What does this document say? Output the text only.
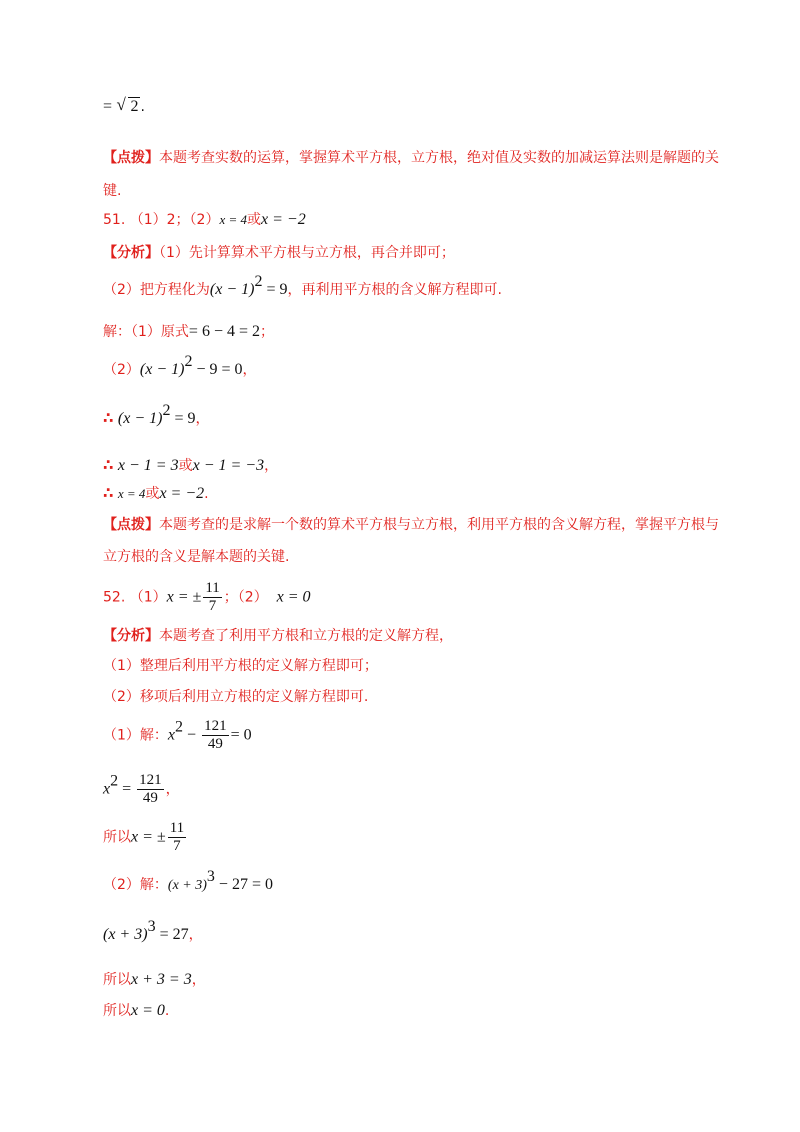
= √ 2 .
【点拨】本题考查实数的运算，掌握算术平方根，立方根，绝对值及实数的加减运算法则是解题的关
键.
51. （1）2；（2）x = 4或x = −2
【分析】（1）先计算算术平方根与立方根，再合并即可；
（2）把方程化为$(x - 1)^2 = 9$，再利用平方根的含义解方程即可.
解：（1）原式= 6 − 4 = 2；
$(2)(x - 1)^2 - 9 = 0$，
∴ $(x - 1)^2 = 9$，
∴ x − 1 = 3或x − 1 = −3，
∴ x = 4或x = −2.
【点拨】本题考查的是求解一个数的算术平方根与立方根，利用平方根的含义解方程，掌握平方根与
立方根的含义是解本题的关键.
52. （1）x = ± $\frac{11}{7}$ ；（2） x = 0
【分析】本题考查了利用平方根和立方根的定义解方程，
（1）整理后利用平方根的定义解方程即可；
（2）移项后利用立方根的定义解方程即可.
（1）解：$x^2 - \frac{121}{49} = 0$
$x^2 = \frac{121}{49}$ ，
所以x = ± $\frac{11}{7}$
（2）解：$(x + 3)^3 - 27 = 0$
$(x + 3)^3 = 27$，
所以x + 3 = 3，
所以x = 0.
